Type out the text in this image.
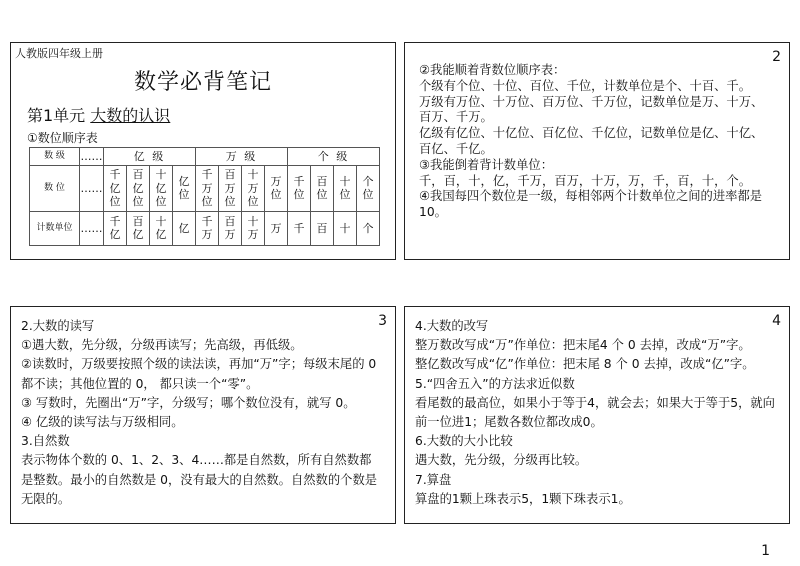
人教版四年级上册
数学必背笔记
第1单元 大数的认识
①数位顺序表
数 级	……	亿 级				万 级				个 级			
数 位	……	千亿位	百亿位	十亿位	亿位	千万位	百万位	十万位	万位	千位	百位	十位	个位
计数单位	……	千亿	百亿	十亿	亿	千万	百万	十万	万	千	百	十	个
2

②我能顺着背数位顺序表：

个级有个位、十位、百位、千位，计数单位是个、十百、千。

万级有万位、十万位、百万位、千万位，记数单位是万、十万、百万、千万。

亿级有亿位、十亿位、百亿位、千亿位，记数单位是亿、十亿、百亿、千亿。

③我能倒着背计数单位：

千，百，十，亿，千万，百万，十万，万，千，百，十，个。

④我国每四个数位是一级，每相邻两个计数单位之间的进率都是10。

3

2.大数的读写

①遇大数，先分级，分级再读写；先高级，再低级。

②读数时，万级要按照个级的读法读，再加“万”字；每级末尾的 0都不读；其他位置的 0， 都只读一个“零”。

③ 写数时，先圈出“万”字，分级写；哪个数位没有，就写 0。

④ 亿级的读写法与万级相同。

3.自然数

表示物体个数的 0、1、2、3、4……都是自然数，所有自然数都是整数。最小的自然数是 0，没有最大的自然数。自然数的个数是无限的。

4

4.大数的改写

整万数改写成“万”作单位：把末尾4 个 0 去掉，改成“万”字。

整亿数改写成“亿”作单位：把末尾 8 个 0 去掉，改成“亿”字。

5.“四舍五入”的方法求近似数

看尾数的最高位，如果小于等于4，就会去；如果大于等于5，就向前一位进1；尾数各数位都改成0。

6.大数的大小比较

遇大数，先分级，分级再比较。

7.算盘

算盘的1颗上珠表示5，1颗下珠表示1。

1
